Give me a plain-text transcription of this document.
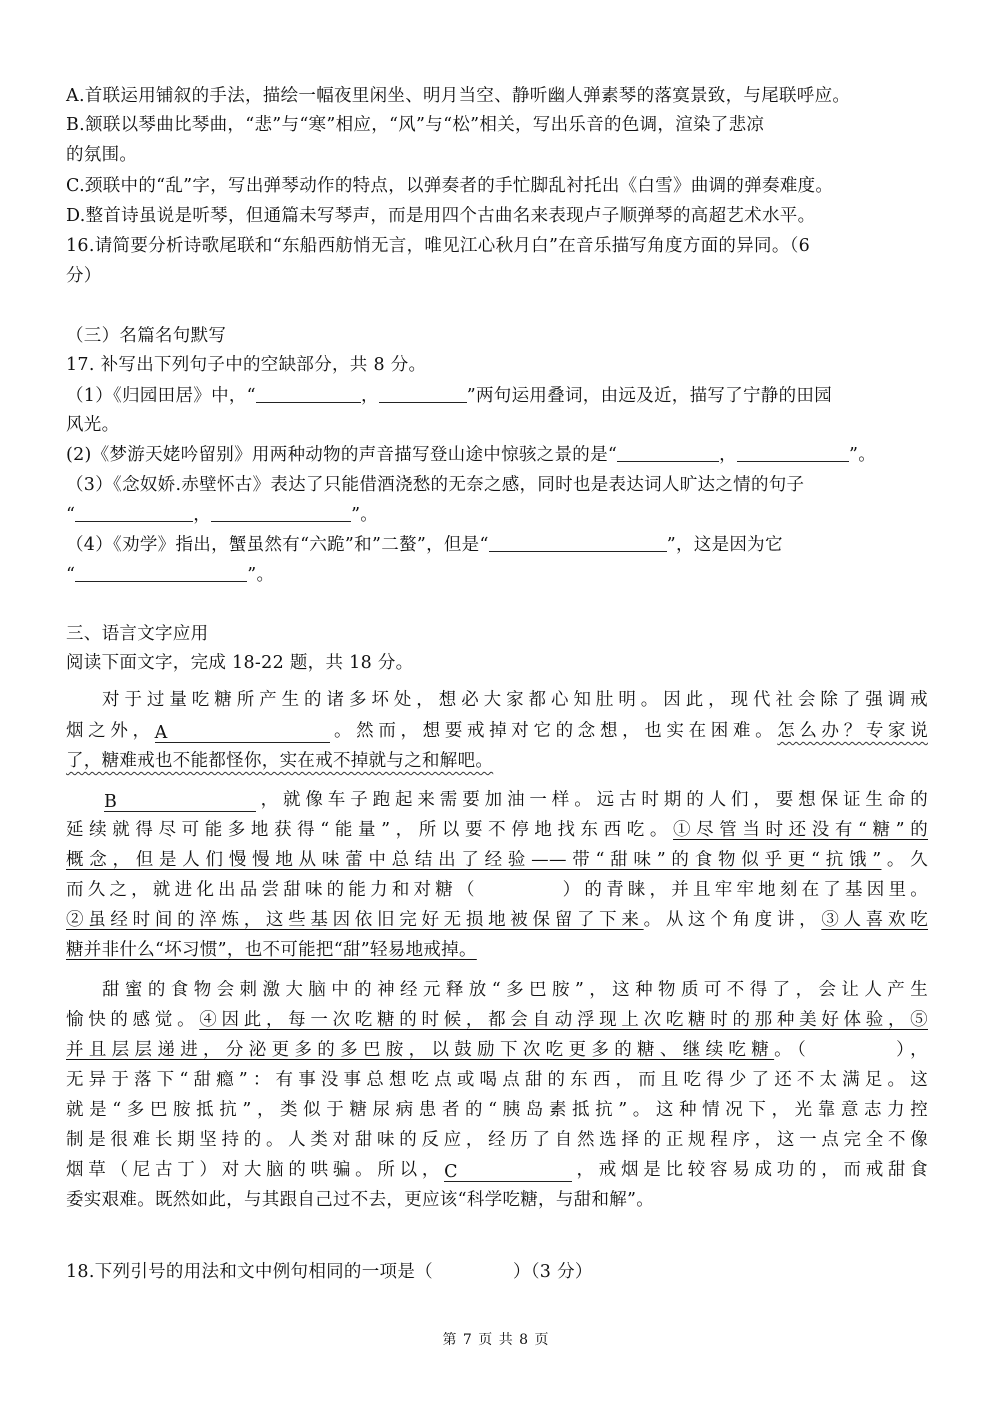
A.首联运用铺叙的手法，描绘一幅夜里闲坐、明月当空、静听幽人弹素琴的落寞景致，与尾联呼应。
B.颔联以琴曲比琴曲，“悲”与“寒”相应，“风”与“松”相关，写出乐音的色调，渲染了悲凉
的氛围。
C.颈联中的“乱”字，写出弹琴动作的特点，以弹奏者的手忙脚乱衬托出《白雪》曲调的弹奏难度。
D.整首诗虽说是听琴，但通篇未写琴声，而是用四个古曲名来表现卢子顺弹琴的高超艺术水平。
16.请简要分析诗歌尾联和“东船西舫悄无言，唯见江心秋月白”在音乐描写角度方面的异同。（6
分）
（三）名篇名句默写
17. 补写出下列句子中的空缺部分，共 8 分。
（1）《归园田居》中，“	，	”两句运用叠词，由远及近，描写了宁静的田园
风光。
(2)《梦游天姥吟留别》用两种动物的声音描写登山途中惊骇之景的是“	，	”。
（3）《念奴娇.赤壁怀古》表达了只能借酒浇愁的无奈之感，同时也是表达词人旷达之情的句子
“	，	”。
（4）《劝学》指出，蟹虽然有“六跪”和”二螯”，但是“	”，这是因为它
“	”。
三、语言文字应用
阅读下面文字，完成 18-22 题，共 18 分。
对于过量吃糖所产生的诸多坏处，想必大家都心知肚明。因此，现代社会除了强调戒
烟之外，A	。然而，想要戒掉对它的念想，也实在困难。怎么办？专家说
了，糖难戒也不能都怪你，实在戒不掉就与之和解吧。
B	，就像车子跑起来需要加油一样。远古时期的人们，要想保证生命的
延续就得尽可能多地获得“能量”，所以要不停地找东西吃。①尽管当时还没有“糖”的
概念，但是人们慢慢地从味蕾中总结出了经验——带“甜味”的食物似乎更“抗饿”。久
而久之，就进化出品尝甜味的能力和对糖（	）的青睐，并且牢牢地刻在了基因里。
②虽经时间的淬炼，这些基因依旧完好无损地被保留了下来。从这个角度讲，③人喜欢吃
糖并非什么“坏习惯”，也不可能把“甜”轻易地戒掉。
甜蜜的食物会刺激大脑中的神经元释放“多巴胺”，这种物质可不得了，会让人产生
愉快的感觉。④因此，每一次吃糖的时候，都会自动浮现上次吃糖时的那种美好体验，⑤
并且层层递进，分泌更多的多巴胺，以鼓励下次吃更多的糖、继续吃糖。（	），
无异于落下“甜瘾”：有事没事总想吃点或喝点甜的东西，而且吃得少了还不太满足。这
就是“多巴胺抵抗”，类似于糖尿病患者的“胰岛素抵抗”。这种情况下，光靠意志力控
制是很难长期坚持的。人类对甜味的反应，经历了自然选择的正规程序，这一点完全不像
烟草（尼古丁）对大脑的哄骗。所以，C	，戒烟是比较容易成功的，而戒甜食
委实艰难。既然如此，与其跟自己过不去，更应该“科学吃糖，与甜和解”。
18.下列引号的用法和文中例句相同的一项是（	）（3 分）
第 7 页 共 8 页
